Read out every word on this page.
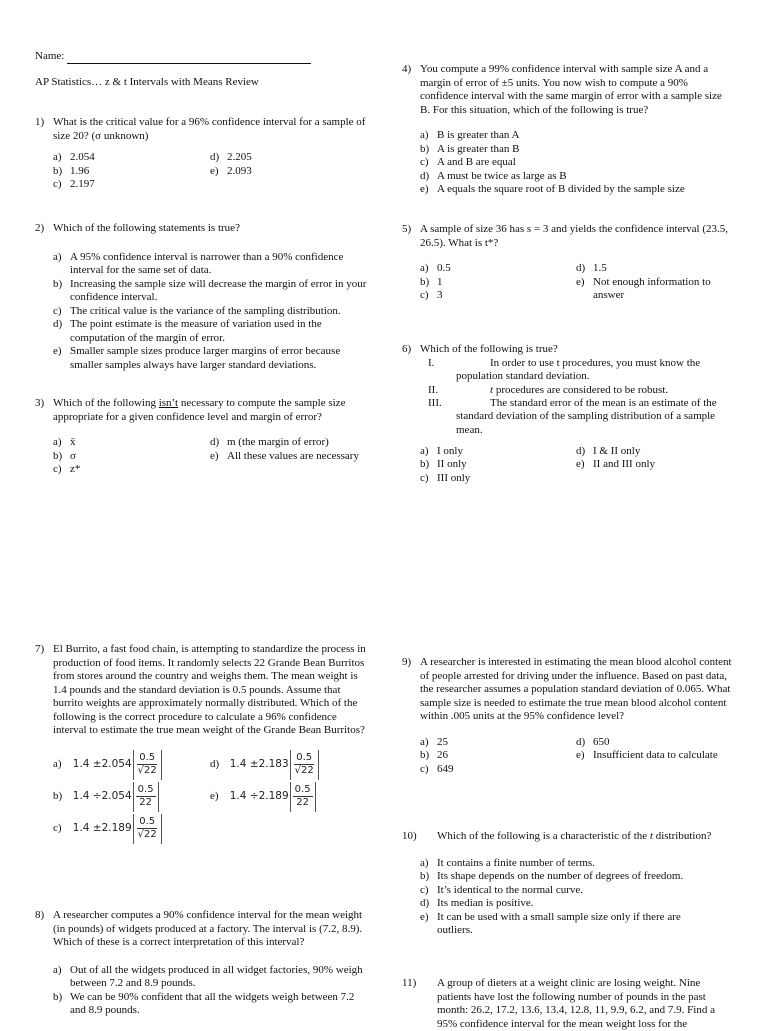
Name:
AP Statistics… z & t Intervals with Means Review
1) What is the critical value for a 96% confidence interval for a sample of size 20? (σ unknown)
a) 2.054
b) 1.96
c) 2.197
d) 2.205
e) 2.093
2) Which of the following statements is true?
a) A 95% confidence interval is narrower than a 90% confidence interval for the same set of data.
b) Increasing the sample size will decrease the margin of error in your confidence interval.
c) The critical value is the variance of the sampling distribution.
d) The point estimate is the measure of variation used in the computation of the margin of error.
e) Smaller sample sizes produce larger margins of error because smaller samples always have larger standard deviations.
3) Which of the following isn’t necessary to compute the sample size appropriate for a given confidence level and margin of error?
a) x̄
b) σ
c) z*
d) m (the margin of error)
e) All these values are necessary
4) You compute a 99% confidence interval with sample size A and a margin of error of ±5 units. You now wish to compute a 90% confidence interval with the same margin of error with a sample size B. For this situation, which of the following is true?
a) B is greater than A
b) A is greater than B
c) A and B are equal
d) A must be twice as large as B
e) A equals the square root of B divided by the sample size
5) A sample of size 36 has s = 3 and yields the confidence interval (23.5, 26.5). What is t*?
a) 0.5
b) 1
c) 3
d) 1.5
e) Not enough information to answer
6) Which of the following is true?
I.	In order to use t procedures, you must know the population standard deviation.
II.
III.	The standard error of the mean is an estimate of the standard deviation of the sampling distribution of a sample mean.
t procedures are considered to be robust.
a) I only
b) II only
c) III only
d) I & II only
e) II and III only
7) El Burrito, a fast food chain, is attempting to standardize the process in production of food items. It randomly selects 22 Grande Bean Burritos from stores around the country and weighs them. The mean weight is 1.4 pounds and the standard deviation is 0.5 pounds. Assume that burrito weights are approximately normally distributed. Which of the following is the correct procedure to calculate a 96% confidence interval to estimate the true mean weight of the Grande Bean Burritos?
a) $1.4 \pm 2.054 \frac{0.5}{√22}$
b) $1.4 \div 2.054 \frac{0.5}{22}$
c) $1.4 \pm 2.189 \frac{0.5}{√22}$
d) $1.4 \pm 2.183 \frac{0.5}{√22}$
e) $1.4 \div 2.189 \frac{0.5}{22}$
8) A researcher computes a 90% confidence interval for the mean weight (in pounds) of widgets produced at a factory. The interval is (7.2, 8.9). Which of these is a correct interpretation of this interval?
a) Out of all the widgets produced in all widget factories, 90% weigh between 7.2 and 8.9 pounds.
b) We can be 90% confident that all the widgets weigh between 7.2 and 8.9 pounds.
9) A researcher is interested in estimating the mean blood alcohol content of people arrested for driving under the influence. Based on past data, the researcher assumes a population standard deviation of 0.065. What sample size is needed to estimate the true mean blood alcohol content within .005 units at the 95% confidence level?
a) 25
b) 26
c) 649
d) 650
e) Insufficient data to calculate
10) Which of the following is a characteristic of the t distribution?
a) It contains a finite number of terms.
b) Its shape depends on the number of degrees of freedom.
c) It’s identical to the normal curve.
d) Its median is positive.
e) It can be used with a small sample size only if there are outliers.
11) A group of dieters at a weight clinic are losing weight. Nine patients have lost the following number of pounds in the past month: 26.2, 17.2, 13.6, 13.4, 12.8, 11, 9.9, 6.2, and 7.9. Find a 95% confidence interval for the mean weight loss for the
